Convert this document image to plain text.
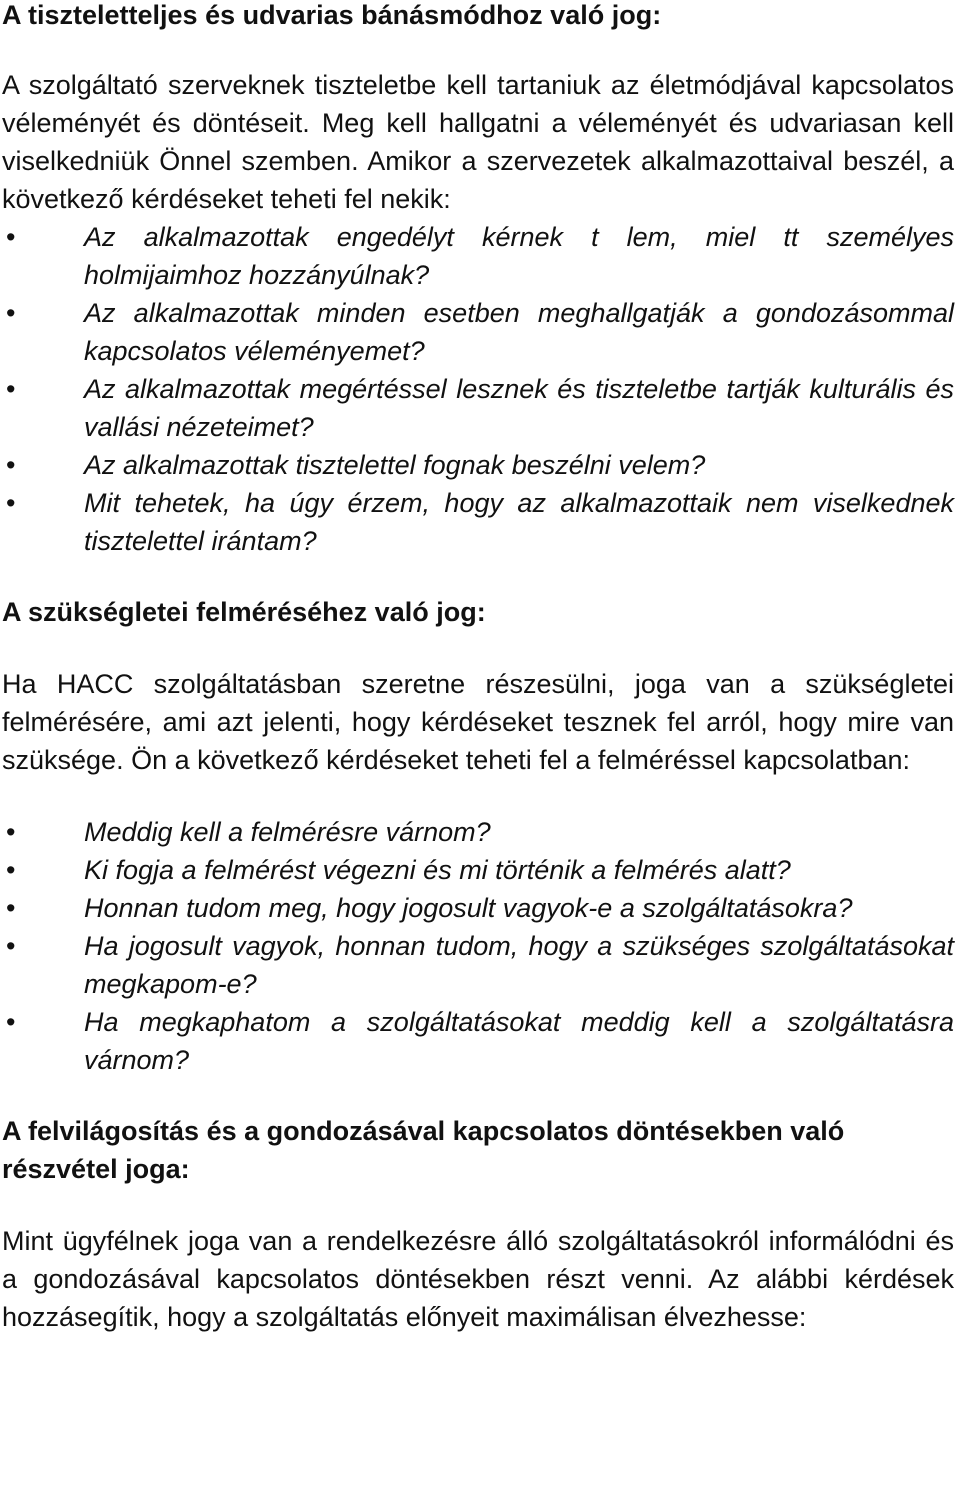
A tiszteletteljes és udvarias bánásmódhoz való jog:

A szolgáltató szerveknek tiszteletbe kell tartaniuk az életmódjával kapcsolatos véleményét és döntéseit. Meg kell hallgatni a véleményét és udvariasan kell viselkedniük Önnel szemben. Amikor a szervezetek alkalmazottaival beszél, a következő kérdéseket teheti fel nekik:

•	Az alkalmazottak engedélyt kérnek t lem, miel tt személyes holmijaimhoz hozzányúlnak?
•	Az alkalmazottak minden esetben meghallgatják a gondozásommal kapcsolatos véleményemet?
•	Az alkalmazottak megértéssel lesznek és tiszteletbe tartják kulturális és vallási nézeteimet?
•	Az alkalmazottak tisztelettel fognak beszélni velem?
•	Mit tehetek, ha úgy érzem, hogy az alkalmazottaik nem viselkednek tisztelettel irántam?
A szükségletei felméréséhez való jog:

Ha HACC szolgáltatásban szeretne részesülni, joga van a szükségletei felmérésére, ami azt jelenti, hogy kérdéseket tesznek fel arról, hogy mire van szüksége. Ön a következő kérdéseket teheti fel a felméréssel kapcsolatban:

•	Meddig kell a felmérésre várnom?
•	Ki fogja a felmérést végezni és mi történik a felmérés alatt?
•	Honnan tudom meg, hogy jogosult vagyok-e a szolgáltatásokra?
•	Ha jogosult vagyok, honnan tudom, hogy a szükséges szolgáltatásokat megkapom-e?
•	Ha megkaphatom a szolgáltatásokat meddig kell a szolgáltatásra várnom?
A felvilágosítás és a gondozásával kapcsolatos döntésekben való részvétel joga:

Mint ügyfélnek joga van a rendelkezésre álló szolgáltatásokról informálódni és a gondozásával kapcsolatos döntésekben részt venni. Az alábbi kérdések hozzásegítik, hogy a szolgáltatás előnyeit maximálisan élvezhesse:
